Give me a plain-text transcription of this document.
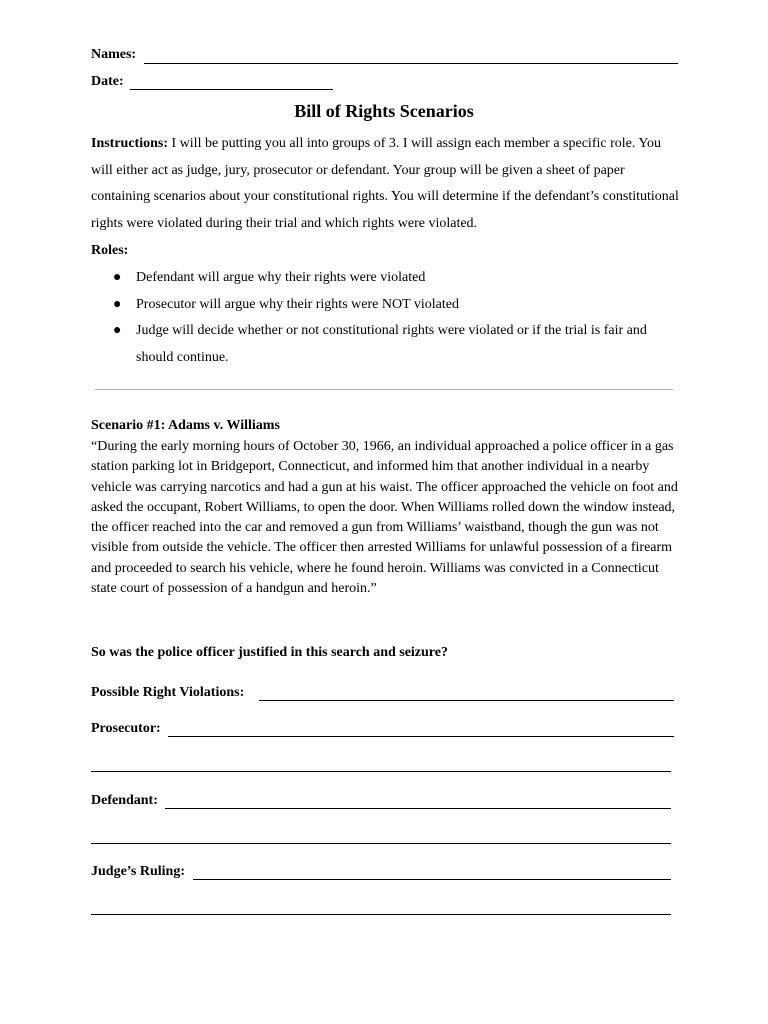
Names:
Date:
Bill of Rights Scenarios
Instructions: I will be putting you all into groups of 3. I will assign each member a specific role. You will either act as judge, jury, prosecutor or defendant. Your group will be given a sheet of paper containing scenarios about your constitutional rights. You will determine if the defendant’s constitutional rights were violated during their trial and which rights were violated.
Roles:
● Defendant will argue why their rights were violated
● Prosecutor will argue why their rights were NOT violated
● Judge will decide whether or not constitutional rights were violated or if the trial is fair and should continue.
Scenario #1: Adams v. Williams
“During the early morning hours of October 30, 1966, an individual approached a police officer in a gas station parking lot in Bridgeport, Connecticut, and informed him that another individual in a nearby vehicle was carrying narcotics and had a gun at his waist. The officer approached the vehicle on foot and asked the occupant, Robert Williams, to open the door. When Williams rolled down the window instead, the officer reached into the car and removed a gun from Williams’ waistband, though the gun was not visible from outside the vehicle. The officer then arrested Williams for unlawful possession of a firearm and proceeded to search his vehicle, where he found heroin. Williams was convicted in a Connecticut state court of possession of a handgun and heroin.”
So was the police officer justified in this search and seizure?
Possible Right Violations:
Prosecutor:
Defendant:
Judge’s Ruling:
